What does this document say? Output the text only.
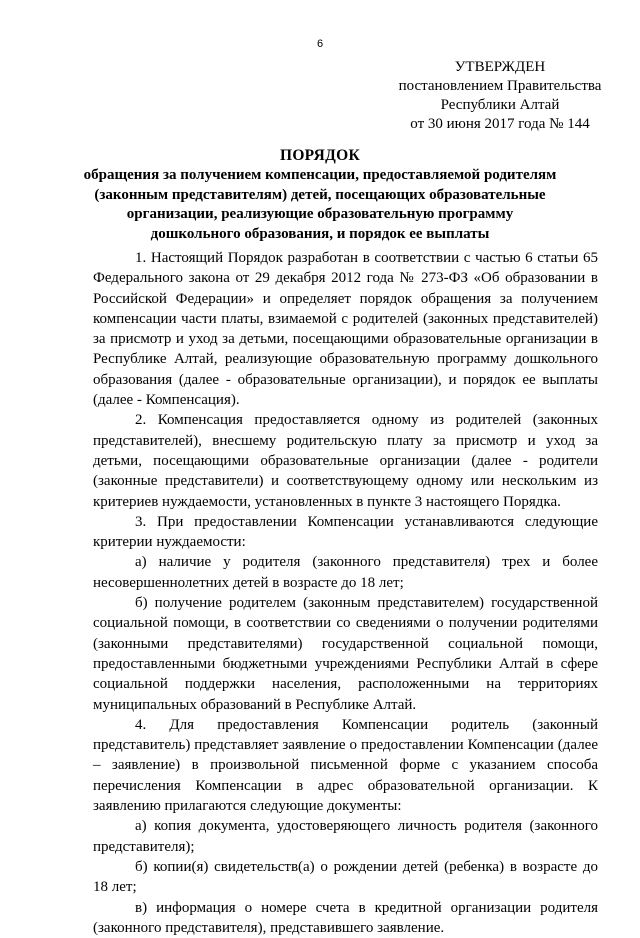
6
УТВЕРЖДЕН
постановлением Правительства
Республики Алтай
от 30 июня 2017 года № 144
ПОРЯДОК
обращения за получением компенсации, предоставляемой родителям (законным представителям) детей, посещающих образовательные организации, реализующие образовательную программу дошкольного образования, и порядок ее выплаты

1. Настоящий Порядок разработан в соответствии с частью 6 статьи 65 Федерального закона от 29 декабря 2012 года № 273-ФЗ «Об образовании в Российской Федерации» и определяет порядок обращения за получением компенсации части платы, взимаемой с родителей (законных представителей) за присмотр и уход за детьми, посещающими образовательные организации в Республике Алтай, реализующие образовательную программу дошкольного образования (далее - образовательные организации), и порядок ее выплаты (далее - Компенсация).

2. Компенсация предоставляется одному из родителей (законных представителей), внесшему родительскую плату за присмотр и уход за детьми, посещающими образовательные организации (далее - родители (законные представители) и соответствующему одному или нескольким из критериев нуждаемости, установленных в пункте 3 настоящего Порядка.

3. При предоставлении Компенсации устанавливаются следующие критерии нуждаемости:

а) наличие у родителя (законного представителя) трех и более несовершеннолетних детей в возрасте до 18 лет;

б) получение родителем (законным представителем) государственной социальной помощи, в соответствии со сведениями о получении родителями (законными представителями) государственной социальной помощи, предоставленными бюджетными учреждениями Республики Алтай в сфере социальной поддержки населения, расположенными на территориях муниципальных образований в Республике Алтай.

4. Для предоставления Компенсации родитель (законный представитель) представляет заявление о предоставлении Компенсации (далее – заявление) в произвольной письменной форме с указанием способа перечисления Компенсации в адрес образовательной организации. К заявлению прилагаются следующие документы:

а) копия документа, удостоверяющего личность родителя (законного представителя);

б) копии(я) свидетельств(а) о рождении детей (ребенка) в возрасте до 18 лет;

в) информация о номере счета в кредитной организации родителя (законного представителя), представившего заявление.
